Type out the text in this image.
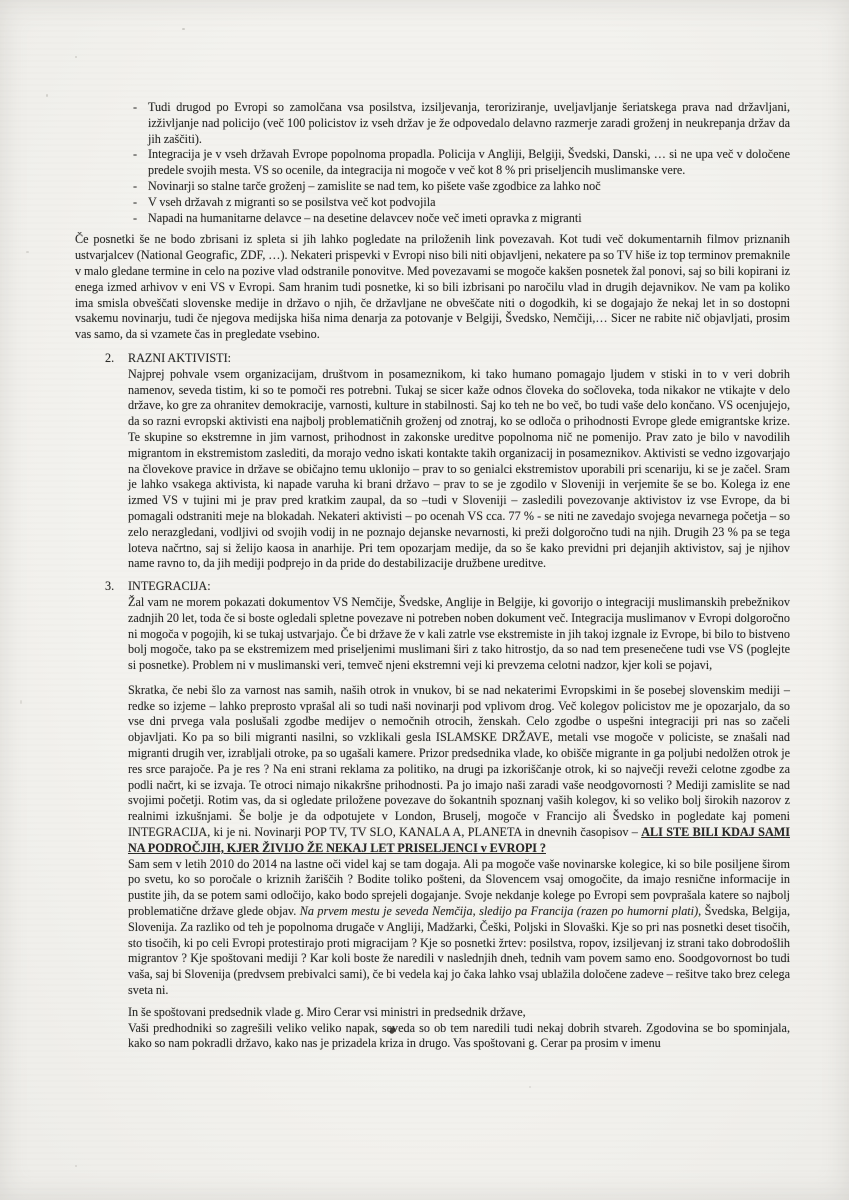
- Tudi drugod po Evropi so zamolčana vsa posilstva, izsiljevanja, teroriziranje, uveljavljanje šeriatskega prava nad državljani, izživljanje nad policijo (več 100 policistov iz vseh držav je že odpovedalo delavno razmerje zaradi groženj in neukrepanja držav da jih zaščiti).
- Integracija je v vseh državah Evrope popolnoma propadla. Policija v Angliji, Belgiji, Švedski, Danski, … si ne upa več v določene predele svojih mesta. VS so ocenile, da integracija ni mogoče v več kot 8 % pri priseljencih muslimanske vere.
- Novinarji so stalne tarče groženj – zamislite se nad tem, ko pišete vaše zgodbice za lahko noč
- V vseh državah z migranti so se posilstva več kot podvojila
- Napadi na humanitarne delavce – na desetine delavcev noče več imeti opravka z migranti
Če posnetki še ne bodo zbrisani iz spleta si jih lahko pogledate na priloženih link povezavah. Kot tudi več dokumentarnih filmov priznanih ustvarjalcev (National Geografic, ZDF, …). Nekateri prispevki v Evropi niso bili niti objavljeni, nekatere pa so TV hiše iz top terminov premaknile v malo gledane termine in celo na pozive vlad odstranile ponovitve. Med povezavami se mogoče kakšen posnetek žal ponovi, saj so bili kopirani iz enega izmed arhivov v eni VS v Evropi. Sam hranim tudi posnetke, ki so bili izbrisani po naročilu vlad in drugih dejavnikov. Ne vam pa koliko ima smisla obveščati slovenske medije in državo o njih, če državljane ne obveščate niti o dogodkih, ki se dogajajo že nekaj let in so dostopni vsakemu novinarju, tudi če njegova medijska hiša nima denarja za potovanje v Belgiji, Švedsko, Nemčiji,… Sicer ne rabite nič objavljati, prosim vas samo, da si vzamete čas in pregledate vsebino.
2.	RAZNI AKTIVISTI:
Najprej pohvale vsem organizacijam, društvom in posameznikom, ki tako humano pomagajo ljudem v stiski in to v veri dobrih namenov, seveda tistim, ki so te pomoči res potrebni. Tukaj se sicer kaže odnos človeka do sočloveka, toda nikakor ne vtikajte v delo države, ko gre za ohranitev demokracije, varnosti, kulture in stabilnosti. Saj ko teh ne bo več, bo tudi vaše delo končano. VS ocenjujejo, da so razni evropski aktivisti ena najbolj problematičnih groženj od znotraj, ko se odloča o prihodnosti Evrope glede emigrantske krize. Te skupine so ekstremne in jim varnost, prihodnost in zakonske ureditve popolnoma nič ne pomenijo. Prav zato je bilo v navodilih migrantom in ekstremistom zaslediti, da morajo vedno iskati kontakte takih organizacij in posameznikov. Aktivisti se vedno izgovarjajo na človekove pravice in države se običajno temu uklonijo – prav to so genialci ekstremistov uporabili pri scenariju, ki se je začel. Sram je lahko vsakega aktivista, ki napade varuha ki brani državo – prav to se je zgodilo v Sloveniji in verjemite še se bo. Kolega iz ene izmed VS v tujini mi je prav pred kratkim zaupal, da so –tudi v Sloveniji – zasledili povezovanje aktivistov iz vse Evrope, da bi pomagali odstraniti meje na blokadah. Nekateri aktivisti – po ocenah VS cca. 77 % - se niti ne zavedajo svojega nevarnega početja – so zelo nerazgledani, vodljivi od svojih vodij in ne poznajo dejanske nevarnosti, ki preži dolgoročno tudi na njih. Drugih 23 % pa se tega loteva načrtno, saj si želijo kaosa in anarhije. Pri tem opozarjam medije, da so še kako previdni pri dejanjih aktivistov, saj je njihov name ravno to, da jih mediji podprejo in da pride do destabilizacije družbene ureditve.
3.	INTEGRACIJA:
Žal vam ne morem pokazati dokumentov VS Nemčije, Švedske, Anglije in Belgije, ki govorijo o integraciji muslimanskih prebežnikov zadnjih 20 let, toda če si boste ogledali spletne povezave ni potreben noben dokument več. Integracija muslimanov v Evropi dolgoročno ni mogoča v pogojih, ki se tukaj ustvarjajo. Če bi države že v kali zatrle vse ekstremiste in jih takoj izgnale iz Evrope, bi bilo to bistveno bolj mogoče, tako pa se ekstremizem med priseljenimi muslimani širi z tako hitrostjo, da so nad tem presenečene tudi vse VS (poglejte si posnetke). Problem ni v muslimanski veri, temveč njeni ekstremni veji ki prevzema celotni nadzor, kjer koli se pojavi,
Skratka, če nebi šlo za varnost nas samih, naših otrok in vnukov, bi se nad nekaterimi Evropskimi in še posebej slovenskim mediji – redke so izjeme – lahko preprosto vprašal ali so tudi naši novinarji pod vplivom drog. Več kolegov policistov me je opozarjalo, da so vse dni prvega vala poslušali zgodbe medijev o nemočnih otrocih, ženskah. Celo zgodbe o uspešni integraciji pri nas so začeli objavljati. Ko pa so bili migranti nasilni, so vzklikali gesla ISLAMSKE DRŽAVE, metali vse mogoče v policiste, se znašali nad migranti drugih ver, izrabljali otroke, pa so ugašali kamere. Prizor predsednika vlade, ko obišče migrante in ga poljubi nedolžen otrok je res srce parajoče. Pa je res ? Na eni strani reklama za politiko, na drugi pa izkoriščanje otrok, ki so največji reveži celotne zgodbe za podli načrt, ki se izvaja. Te otroci nimajo nikakršne prihodnosti. Pa jo imajo naši zaradi vaše neodgovornosti ? Mediji zamislite se nad svojimi početji. Rotim vas, da si ogledate priložene povezave do šokantnih spoznanj vaših kolegov, ki so veliko bolj širokih nazorov z realnimi izkušnjami. Še bolje je da odpotujete v London, Bruselj, mogoče v Francijo ali Švedsko in pogledate kaj pomeni INTEGRACIJA, ki je ni. Novinarji POP TV, TV SLO, KANALA A, PLANETA in dnevnih časopisov – ALI STE BILI KDAJ SAMI NA PODROČJIH, KJER ŽIVIJO ŽE NEKAJ LET PRISELJENCI v EVROPI ?
Sam sem v letih 2010 do 2014 na lastne oči videl kaj se tam dogaja. Ali pa mogoče vaše novinarske kolegice, ki so bile posiljene širom po svetu, ko so poročale o kriznih žariščih ? Bodite toliko pošteni, da Slovencem vsaj omogočite, da imajo resnične informacije in pustite jih, da se potem sami odločijo, kako bodo sprejeli dogajanje. Svoje nekdanje kolege po Evropi sem povprašala katere so najbolj problematične države glede objav. Na prvem mestu je seveda Nemčija, sledijo pa Francija (razen po humorni plati), Švedska, Belgija, Slovenija. Za razliko od teh je popolnoma drugače v Angliji, Madžarki, Češki, Poljski in Slovaški. Kje so pri nas posnetki deset tisočih, sto tisočih, ki po celi Evropi protestirajo proti migracijam ? Kje so posnetki žrtev: posilstva, ropov, izsiljevanj iz strani tako dobrodošlih migrantov ? Kje spoštovani mediji ? Kar koli boste že naredili v naslednjih dneh, tednih vam povem samo eno. Soodgovornost bo tudi vaša, saj bi Slovenija (predvsem prebivalci sami), če bi vedela kaj jo čaka lahko vsaj ublažila določene zadeve – rešitve tako brez celega sveta ni.
In še spoštovani predsednik vlade g. Miro Cerar vsi ministri in predsednik države,
Vaši predhodniki so zagrešili veliko veliko napak, seveda so ob tem naredili tudi nekaj dobrih stvareh. Zgodovina se bo spominjala, kako so nam pokradli državo, kako nas je prizadela kriza in drugo. Vas spoštovani g. Cerar pa prosim v imenu
